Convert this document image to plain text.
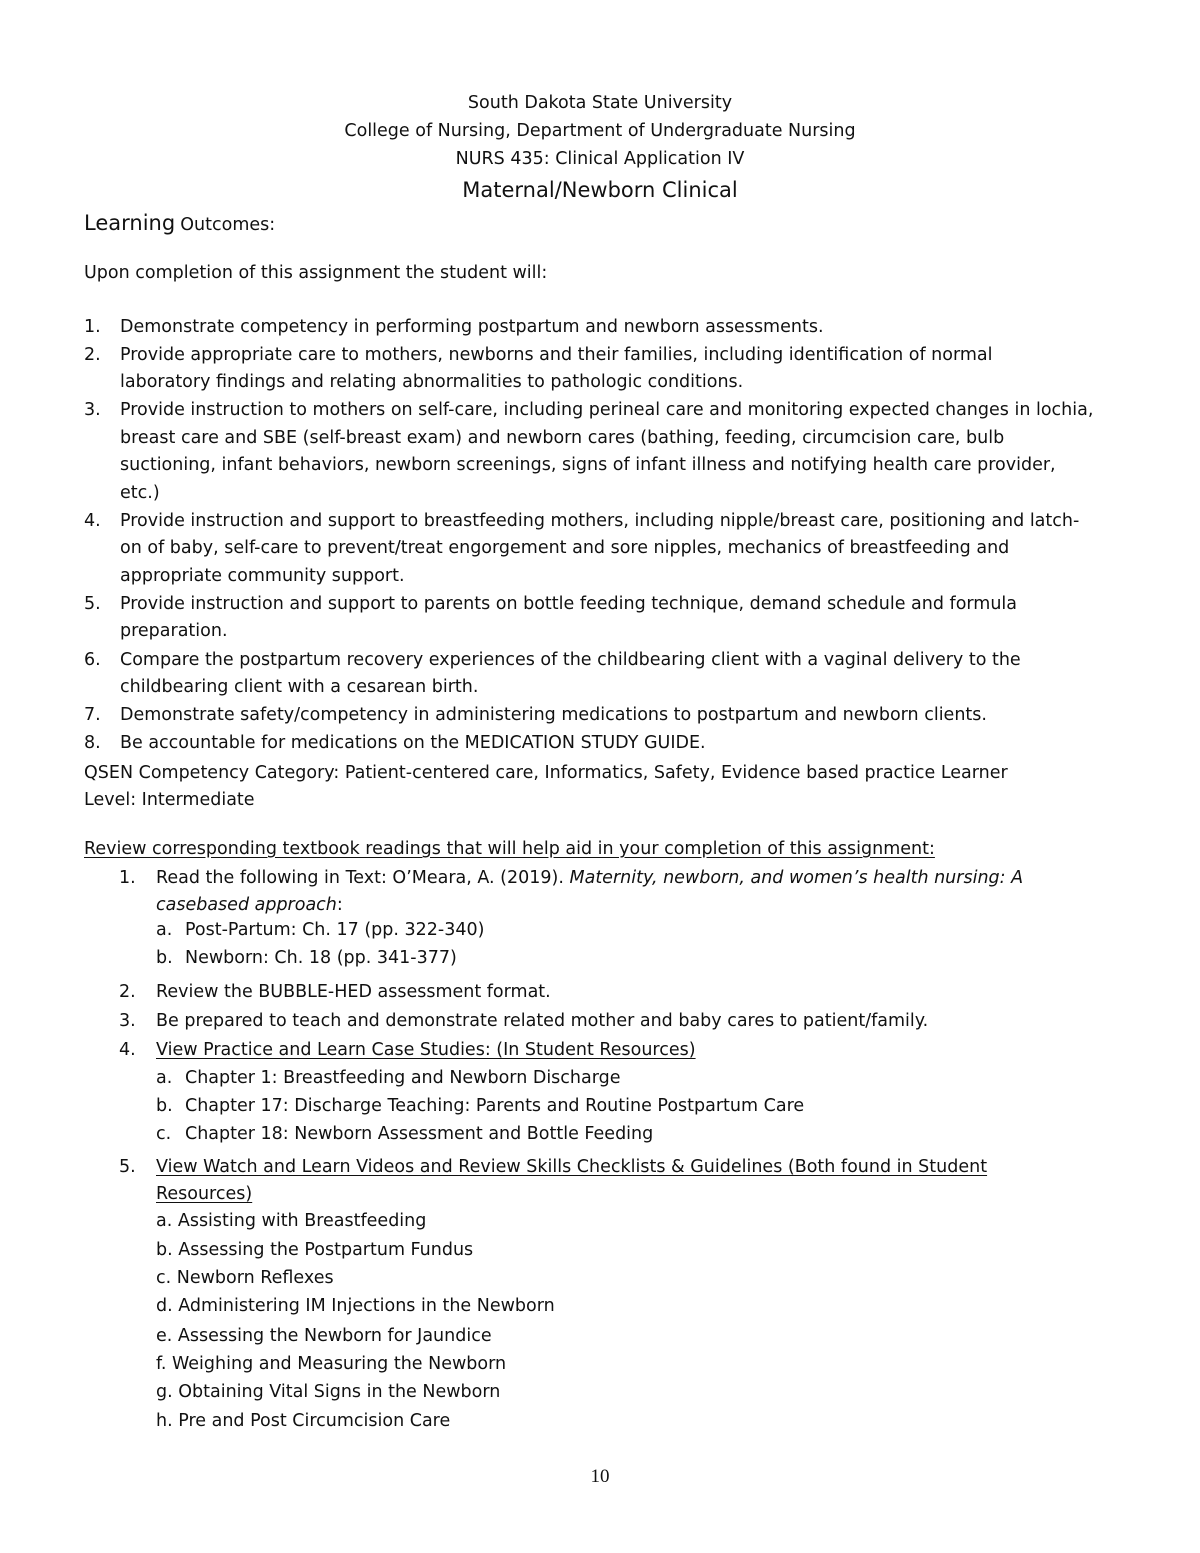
South Dakota State University

College of Nursing, Department of Undergraduate Nursing

NURS 435: Clinical Application IV

Maternal/Newborn Clinical

Learning Outcomes:

Upon completion of this assignment the student will:

1. Demonstrate competency in performing postpartum and newborn assessments.

2. Provide appropriate care to mothers, newborns and their families, including identification of normal

laboratory findings and relating abnormalities to pathologic conditions.

3. Provide instruction to mothers on self-care, including perineal care and monitoring expected changes in lochia,

breast care and SBE (self-breast exam) and newborn cares (bathing, feeding, circumcision care, bulb

suctioning, infant behaviors, newborn screenings, signs of infant illness and notifying health care provider,

etc.)

4. Provide instruction and support to breastfeeding mothers, including nipple/breast care, positioning and latch-

on of baby, self-care to prevent/treat engorgement and sore nipples, mechanics of breastfeeding and

appropriate community support.

5. Provide instruction and support to parents on bottle feeding technique, demand schedule and formula

preparation.

6. Compare the postpartum recovery experiences of the childbearing client with a vaginal delivery to the

childbearing client with a cesarean birth.

7. Demonstrate safety/competency in administering medications to postpartum and newborn clients.

8. Be accountable for medications on the MEDICATION STUDY GUIDE.

QSEN Competency Category: Patient-centered care, Informatics, Safety, Evidence based practice Learner

Level: Intermediate

Review corresponding textbook readings that will help aid in your completion of this assignment:

1. Read the following in Text: O’Meara, A. (2019). Maternity, newborn, and women’s health nursing: A

casebased approach:

a. Post-Partum: Ch. 17 (pp. 322-340)

b. Newborn: Ch. 18 (pp. 341-377)

2. Review the BUBBLE-HED assessment format.

3. Be prepared to teach and demonstrate related mother and baby cares to patient/family.

4. View Practice and Learn Case Studies: (In Student Resources)

a. Chapter 1: Breastfeeding and Newborn Discharge

b. Chapter 17: Discharge Teaching: Parents and Routine Postpartum Care

c. Chapter 18: Newborn Assessment and Bottle Feeding

5. View Watch and Learn Videos and Review Skills Checklists & Guidelines (Both found in Student

Resources)

a. Assisting with Breastfeeding

b. Assessing the Postpartum Fundus

c. Newborn Reflexes

d. Administering IM Injections in the Newborn

e. Assessing the Newborn for Jaundice

f. Weighing and Measuring the Newborn

g. Obtaining Vital Signs in the Newborn

h. Pre and Post Circumcision Care

10
